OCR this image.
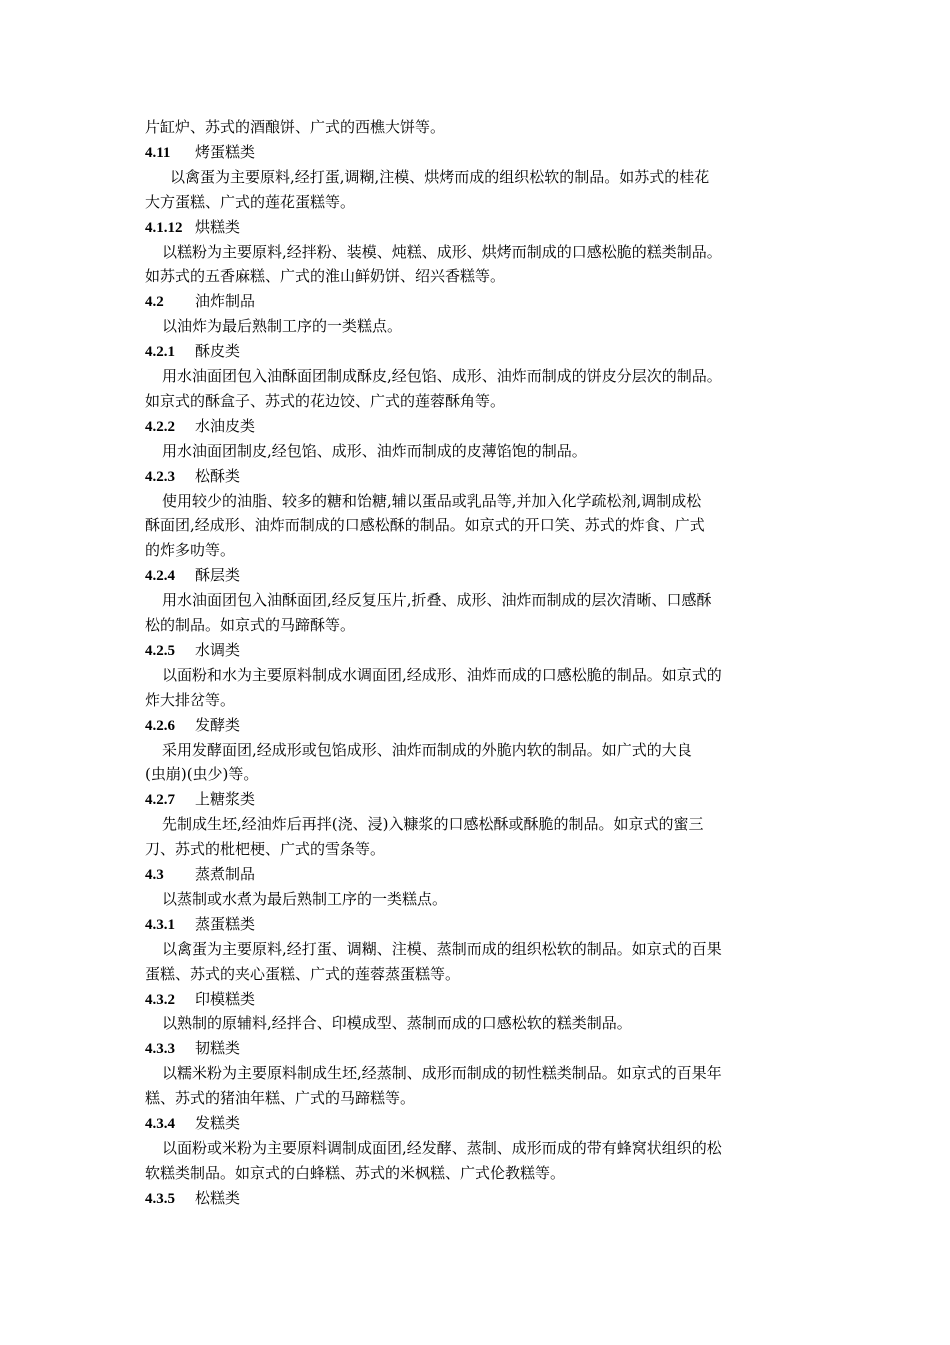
片缸炉、苏式的酒酿饼、广式的西樵大饼等。
4.11 烤蛋糕类
以禽蛋为主要原料,经打蛋,调糊,注模、烘烤而成的组织松软的制品。如苏式的桂花
大方蛋糕、广式的莲花蛋糕等。
4.1.12 烘糕类
以糕粉为主要原料,经拌粉、装模、炖糕、成形、烘烤而制成的口感松脆的糕类制品。
如苏式的五香麻糕、广式的淮山鲜奶饼、绍兴香糕等。
4.2 油炸制品
以油炸为最后熟制工序的一类糕点。
4.2.1 酥皮类
用水油面团包入油酥面团制成酥皮,经包馅、成形、油炸而制成的饼皮分层次的制品。
如京式的酥盒子、苏式的花边饺、广式的莲蓉酥角等。
4.2.2 水油皮类
用水油面团制皮,经包馅、成形、油炸而制成的皮薄馅饱的制品。
4.2.3 松酥类
使用较少的油脂、较多的糖和饴糖,辅以蛋品或乳品等,并加入化学疏松剂,调制成松
酥面团,经成形、油炸而制成的口感松酥的制品。如京式的开口笑、苏式的炸食、广式
的炸多叻等。
4.2.4 酥层类
用水油面团包入油酥面团,经反复压片,折叠、成形、油炸而制成的层次清晰、口感酥
松的制品。如京式的马蹄酥等。
4.2.5 水调类
以面粉和水为主要原料制成水调面团,经成形、油炸而成的口感松脆的制品。如京式的
炸大排岔等。
4.2.6 发酵类
采用发酵面团,经成形或包馅成形、油炸而制成的外脆内软的制品。如广式的大良
(虫崩)(虫少)等。
4.2.7 上糖浆类
先制成生坯,经油炸后再拌(浇、浸)入糠浆的口感松酥或酥脆的制品。如京式的蜜三
刀、苏式的枇杷梗、广式的雪条等。
4.3 蒸煮制品
以蒸制或水煮为最后熟制工序的一类糕点。
4.3.1 蒸蛋糕类
以禽蛋为主要原料,经打蛋、调糊、注模、蒸制而成的组织松软的制品。如京式的百果
蛋糕、苏式的夹心蛋糕、广式的莲蓉蒸蛋糕等。
4.3.2 印模糕类
以熟制的原辅料,经拌合、印模成型、蒸制而成的口感松软的糕类制品。
4.3.3 韧糕类
以糯米粉为主要原料制成生坯,经蒸制、成形而制成的韧性糕类制品。如京式的百果年
糕、苏式的猪油年糕、广式的马蹄糕等。
4.3.4 发糕类
以面粉或米粉为主要原料调制成面团,经发酵、蒸制、成形而成的带有蜂窝状组织的松
软糕类制品。如京式的白蜂糕、苏式的米枫糕、广式伦教糕等。
4.3.5 松糕类
